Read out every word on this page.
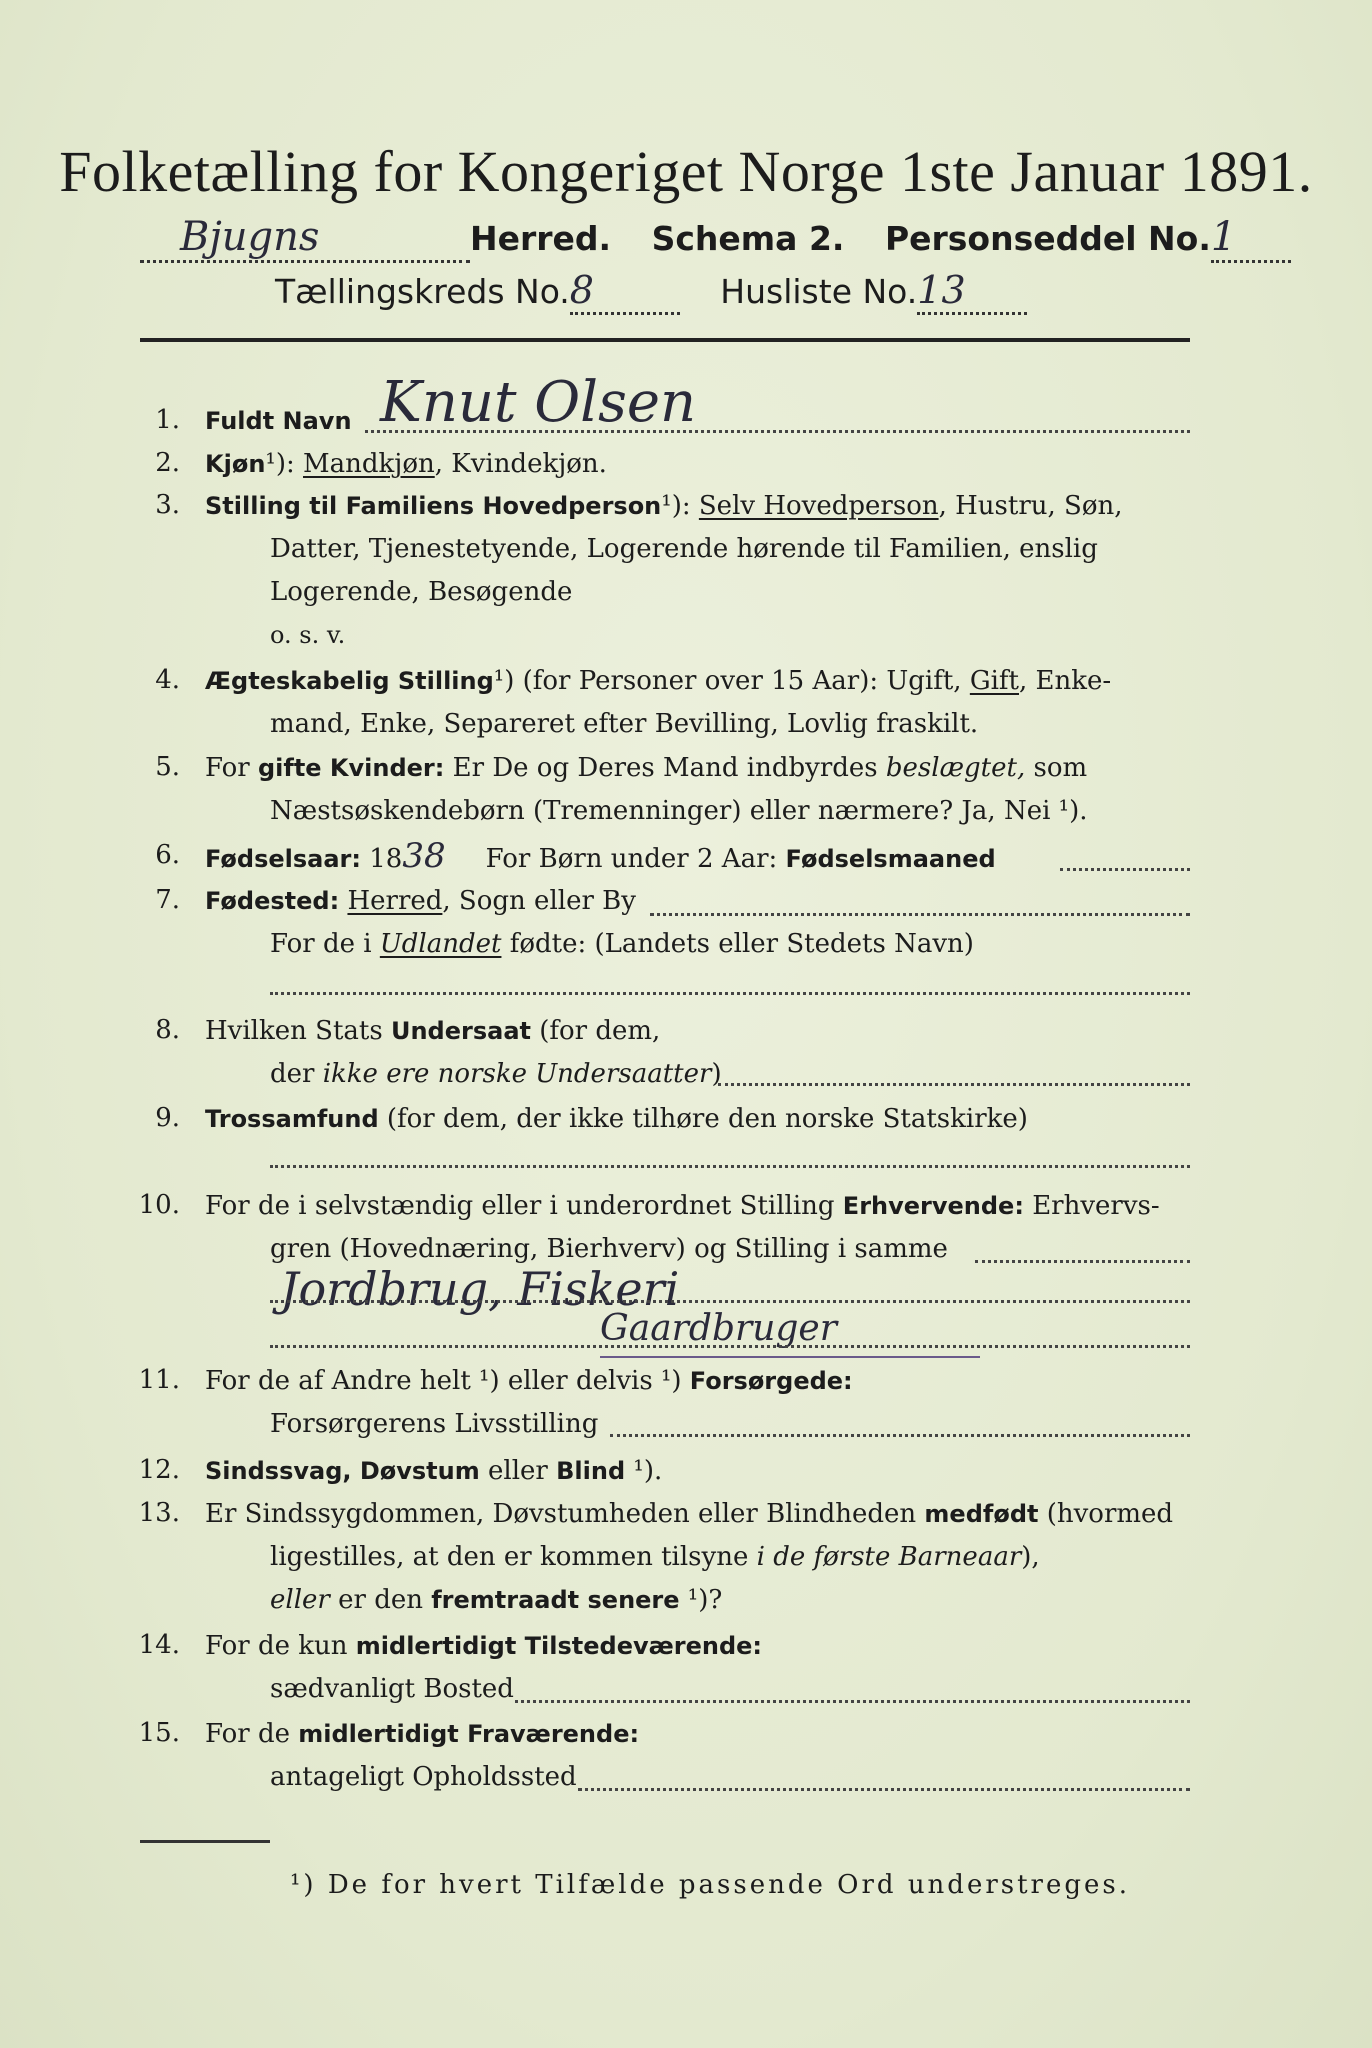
Folketælling for Kongeriget Norge 1ste Januar 1891.
Bjugns	Herred. Schema 2. Personseddel No.1
Tællingskreds No.8	Husliste No.13
1. Fuldt Navn Knut Olsen
2. Kjøn¹): Mandkjøn, Kvindekjøn.
3. Stilling til Familiens Hovedperson¹): Selv Hovedperson, Hustru, Søn,
Datter, Tjenestetyende, Logerende hørende til Familien, enslig
Logerende, Besøgende
o. s. v.
4. Ægteskabelig Stilling¹) (for Personer over 15 Aar): Ugift, Gift, Enke-
mand, Enke, Separeret efter Bevilling, Lovlig fraskilt.
5. For gifte Kvinder: Er De og Deres Mand indbyrdes beslægtet, som
Næstsøskendebørn (Tremenninger) eller nærmere? Ja, Nei ¹).
6. Fødselsaar: 1838 For Børn under 2 Aar: Fødselsmaaned
7. Fødested: Herred, Sogn eller By
For de i Udlandet fødte: (Landets eller Stedets Navn)
8. Hvilken Stats Undersaat (for dem,
der ikke ere norske Undersaatter)
9. Trossamfund (for dem, der ikke tilhøre den norske Statskirke)
10. For de i selvstændig eller i underordnet Stilling Erhvervende: Erhvervs-
gren (Hovednæring, Bierhverv) og Stilling i samme
Jordbrug, Fiskeri
Gaardbruger
11. For de af Andre helt ¹) eller delvis ¹) Forsørgede:
Forsørgerens Livsstilling
12. Sindssvag, Døvstum eller Blind ¹).
13. Er Sindssygdommen, Døvstumheden eller Blindheden medfødt (hvormed
ligestilles, at den er kommen tilsyne i de første Barneaar),
eller er den fremtraadt senere ¹)?
14. For de kun midlertidigt Tilstedeværende:
sædvanligt Bosted
15. For de midlertidigt Fraværende:
antageligt Opholdssted
¹) De for hvert Tilfælde passende Ord understreges.
